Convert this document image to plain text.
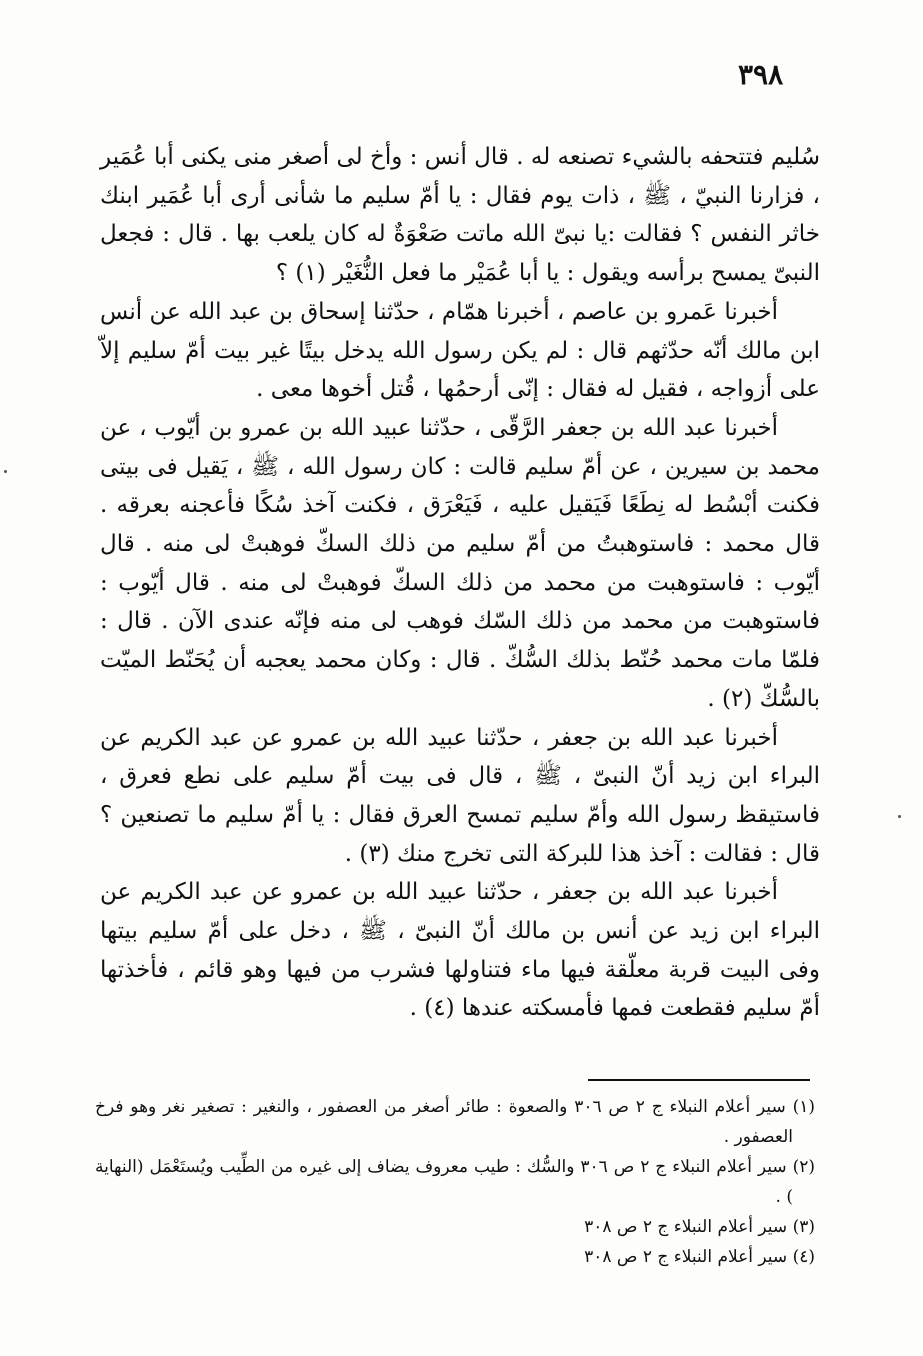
٣٩٨

سُليم فتتحفه بالشيء تصنعه له . قال أنس : وأخ لى أصغر منى يكنى أبا عُمَير ، فزارنا النبيّ ، ﷺ ، ذات يوم فقال : يا أمّ سليم ما شأنى أرى أبا عُمَير ابنك خاثر النفس ؟ فقالت :يا نبىّ الله ماتت صَعْوَةٌ له كان يلعب بها . قال : فجعل النبىّ يمسح برأسه ويقول : يا أبا عُمَيْر ما فعل النُّغَيْر (١) ؟

أخبرنا عَمرو بن عاصم ، أخبرنا همّام ، حدّثنا إسحاق بن عبد الله عن أنس ابن مالك أنّه حدّثهم قال : لم يكن رسول الله يدخل بيتًا غير بيت أمّ سليم إلاّ على أزواجه ، فقيل له فقال : إنّى أرحمُها ، قُتل أخوها معى .

أخبرنا عبد الله بن جعفر الرَّقّى ، حدّثنا عبيد الله بن عمرو بن أيّوب ، عن محمد بن سيرين ، عن أمّ سليم قالت : كان رسول الله ، ﷺ ، يَقيل فى بيتى فكنت أبْسُط له نِطَعًا فَيَقيل عليه ، فَيَعْرَق ، فكنت آخذ سُكًا فأعجنه بعرقه . قال محمد : فاستوهبتُ من أمّ سليم من ذلك السكّ فوهبتْ لى منه . قال أيّوب : فاستوهبت من محمد من ذلك السكّ فوهبتْ لى منه . قال أيّوب : فاستوهبت من محمد من ذلك السّك فوهب لى منه فإنّه عندى الآن . قال : فلمّا مات محمد حُنّط بذلك السُّكّ . قال : وكان محمد يعجبه أن يُحَنّط الميّت بالسُّكّ (٢) .

أخبرنا عبد الله بن جعفر ، حدّثنا عبيد الله بن عمرو عن عبد الكريم عن البراء ابن زيد أنّ النبىّ ، ﷺ ، قال فى بيت أمّ سليم على نطع فعرق ، فاستيقظ رسول الله وأمّ سليم تمسح العرق فقال : يا أمّ سليم ما تصنعين ؟ قال : فقالت : آخذ هذا للبركة التى تخرج منك (٣) .

أخبرنا عبد الله بن جعفر ، حدّثنا عبيد الله بن عمرو عن عبد الكريم عن البراء ابن زيد عن أنس بن مالك أنّ النبىّ ، ﷺ ، دخل على أمّ سليم بيتها وفى البيت قربة معلّقة فيها ماء فتناولها فشرب من فيها وهو قائم ، فأخذتها أمّ سليم فقطعت فمها فأمسكته عندها (٤) .

(١) سير أعلام النبلاء ج ٢ ص ٣٠٦ والصعوة : طائر أصغر من العصفور ، والنغير : تصغير نغر وهو فرخ العصفور .

(٢) سير أعلام النبلاء ج ٢ ص ٣٠٦ والسُّك : طيب معروف يضاف إلى غيره من الطِّيب ويُستَعْمَل (النهاية ) .

(٣) سير أعلام النبلاء ج ٢ ص ٣٠٨

(٤) سير أعلام النبلاء ج ٢ ص ٣٠٨
